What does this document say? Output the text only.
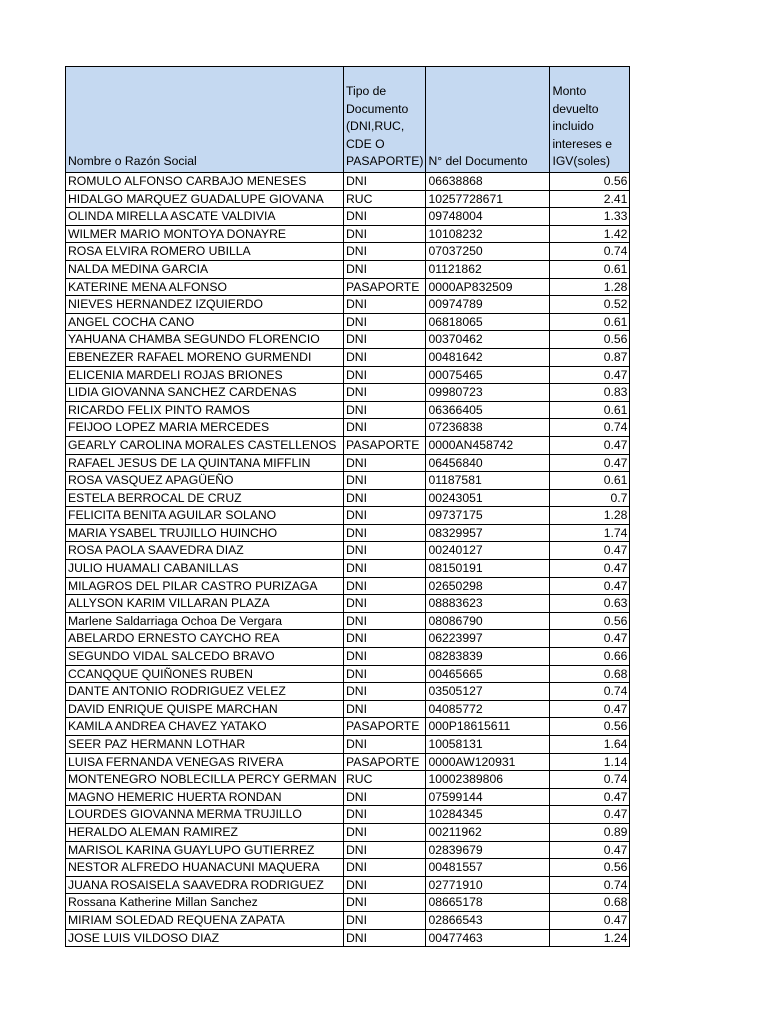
Nombre o Razón Social	Tipo de Documento (DNI,RUC, CDE O PASAPORTE)	N° del Documento	Monto devuelto incluido intereses e IGV(soles)
ROMULO ALFONSO CARBAJO MENESES	DNI	06638868	0.56
HIDALGO MARQUEZ GUADALUPE GIOVANA	RUC	10257728671	2.41
OLINDA MIRELLA ASCATE VALDIVIA	DNI	09748004	1.33
WILMER MARIO MONTOYA DONAYRE	DNI	10108232	1.42
ROSA ELVIRA ROMERO UBILLA	DNI	07037250	0.74
NALDA MEDINA GARCIA	DNI	01121862	0.61
KATERINE MENA ALFONSO	PASAPORTE	0000AP832509	1.28
NIEVES HERNANDEZ IZQUIERDO	DNI	00974789	0.52
ANGEL COCHA CANO	DNI	06818065	0.61
YAHUANA CHAMBA SEGUNDO FLORENCIO	DNI	00370462	0.56
EBENEZER RAFAEL MORENO GURMENDI	DNI	00481642	0.87
ELICENIA MARDELI ROJAS BRIONES	DNI	00075465	0.47
LIDIA GIOVANNA SANCHEZ CARDENAS	DNI	09980723	0.83
RICARDO FELIX PINTO RAMOS	DNI	06366405	0.61
FEIJOO LOPEZ MARIA MERCEDES	DNI	07236838	0.74
GEARLY CAROLINA MORALES CASTELLENOS	PASAPORTE	0000AN458742	0.47
RAFAEL JESUS DE LA QUINTANA MIFFLIN	DNI	06456840	0.47
ROSA VASQUEZ APAGÜEÑO	DNI	01187581	0.61
ESTELA BERROCAL DE CRUZ	DNI	00243051	0.7
FELICITA BENITA AGUILAR SOLANO	DNI	09737175	1.28
MARIA YSABEL TRUJILLO HUINCHO	DNI	08329957	1.74
ROSA PAOLA SAAVEDRA DIAZ	DNI	00240127	0.47
JULIO HUAMALI CABANILLAS	DNI	08150191	0.47
MILAGROS DEL PILAR CASTRO PURIZAGA	DNI	02650298	0.47
ALLYSON KARIM VILLARAN PLAZA	DNI	08883623	0.63
Marlene Saldarriaga Ochoa De Vergara	DNI	08086790	0.56
ABELARDO ERNESTO CAYCHO REA	DNI	06223997	0.47
SEGUNDO VIDAL SALCEDO BRAVO	DNI	08283839	0.66
CCANQQUE QUIÑONES RUBEN	DNI	00465665	0.68
DANTE ANTONIO RODRIGUEZ VELEZ	DNI	03505127	0.74
DAVID ENRIQUE QUISPE MARCHAN	DNI	04085772	0.47
KAMILA ANDREA CHAVEZ YATAKO	PASAPORTE	000P18615611	0.56
SEER PAZ HERMANN LOTHAR	DNI	10058131	1.64
LUISA FERNANDA VENEGAS RIVERA	PASAPORTE	0000AW120931	1.14
MONTENEGRO NOBLECILLA PERCY GERMAN	RUC	10002389806	0.74
MAGNO HEMERIC HUERTA RONDAN	DNI	07599144	0.47
LOURDES GIOVANNA MERMA TRUJILLO	DNI	10284345	0.47
HERALDO ALEMAN RAMIREZ	DNI	00211962	0.89
MARISOL KARINA GUAYLUPO GUTIERREZ	DNI	02839679	0.47
NESTOR ALFREDO HUANACUNI MAQUERA	DNI	00481557	0.56
JUANA ROSAISELA SAAVEDRA RODRIGUEZ	DNI	02771910	0.74
Rossana Katherine Millan Sanchez	DNI	08665178	0.68
MIRIAM SOLEDAD REQUENA ZAPATA	DNI	02866543	0.47
JOSE LUIS VILDOSO DIAZ	DNI	00477463	1.24
